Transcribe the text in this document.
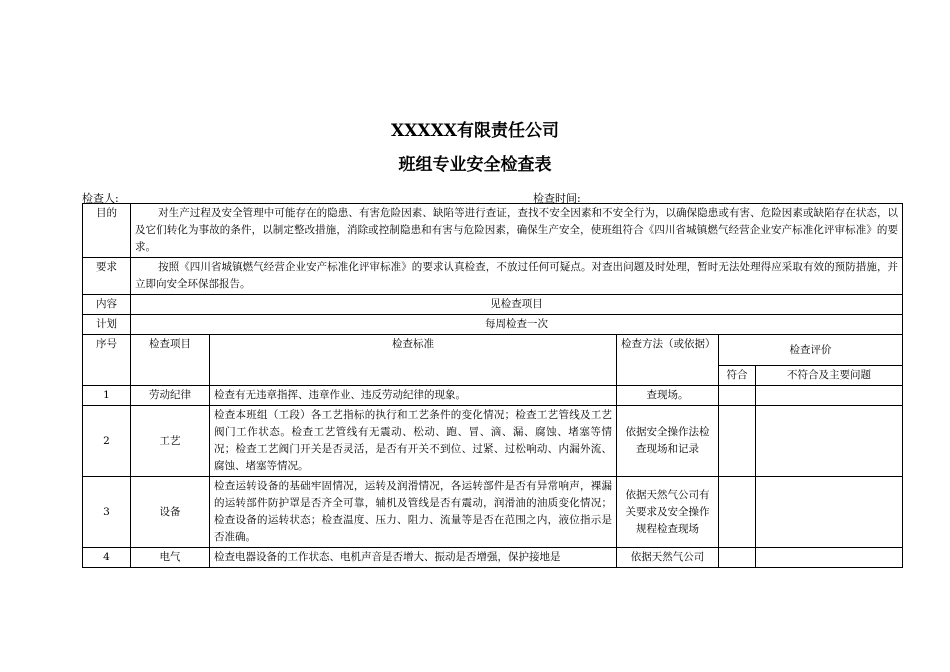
XXXXX有限责任公司
班组专业安全检查表
检查人:	检查时间:
目的	对生产过程及安全管理中可能存在的隐患、有害危险因素、缺陷等进行查证，查找不安全因素和不安全行为，以确保隐患或有害、危险因素或缺陷存在状态，以及它们转化为事故的条件，以制定整改措施，消除或控制隐患和有害与危险因素，确保生产安全，使班组符合《四川省城镇燃气经营企业安产标准化评审标准》的要求。				
要求	按照《四川省城镇燃气经营企业安产标准化评审标准》的要求认真检查，不放过任何可疑点。对查出问题及时处理，暂时无法处理得应采取有效的预防措施，并立即向安全环保部报告。				
内容	见检查项目				
计划	每周检查一次				
序号	检查项目	检查标准	检查方法（或依据）	检查评价	
				符合	不符合及主要问题
1	劳动纪律	检查有无违章指挥、违章作业、违反劳动纪律的现象。	查现场。		
2	工艺	检查本班组（工段）各工艺指标的执行和工艺条件的变化情况；检查工艺管线及工艺阀门工作状态。检查工艺管线有无震动、松动、跑、冒、滴、漏、腐蚀、堵塞等情况；检查工艺阀门开关是否灵活，是否有开关不到位、过紧、过松响动、内漏外流、腐蚀、堵塞等情况。	依据安全操作法检查现场和记录		
3	设备	检查运转设备的基础牢固情况，运转及润滑情况，各运转部件是否有异常响声，裸漏的运转部件防护罩是否齐全可靠，辅机及管线是否有震动，润滑油的油质变化情况；检查设备的运转状态；检查温度、压力、阻力、流量等是否在范围之内，液位指示是否准确。	依据天然气公司有关要求及安全操作规程检查现场		
4	电气	检查电器设备的工作状态、电机声音是否增大、振动是否增强，保护接地是	依据天然气公司		
